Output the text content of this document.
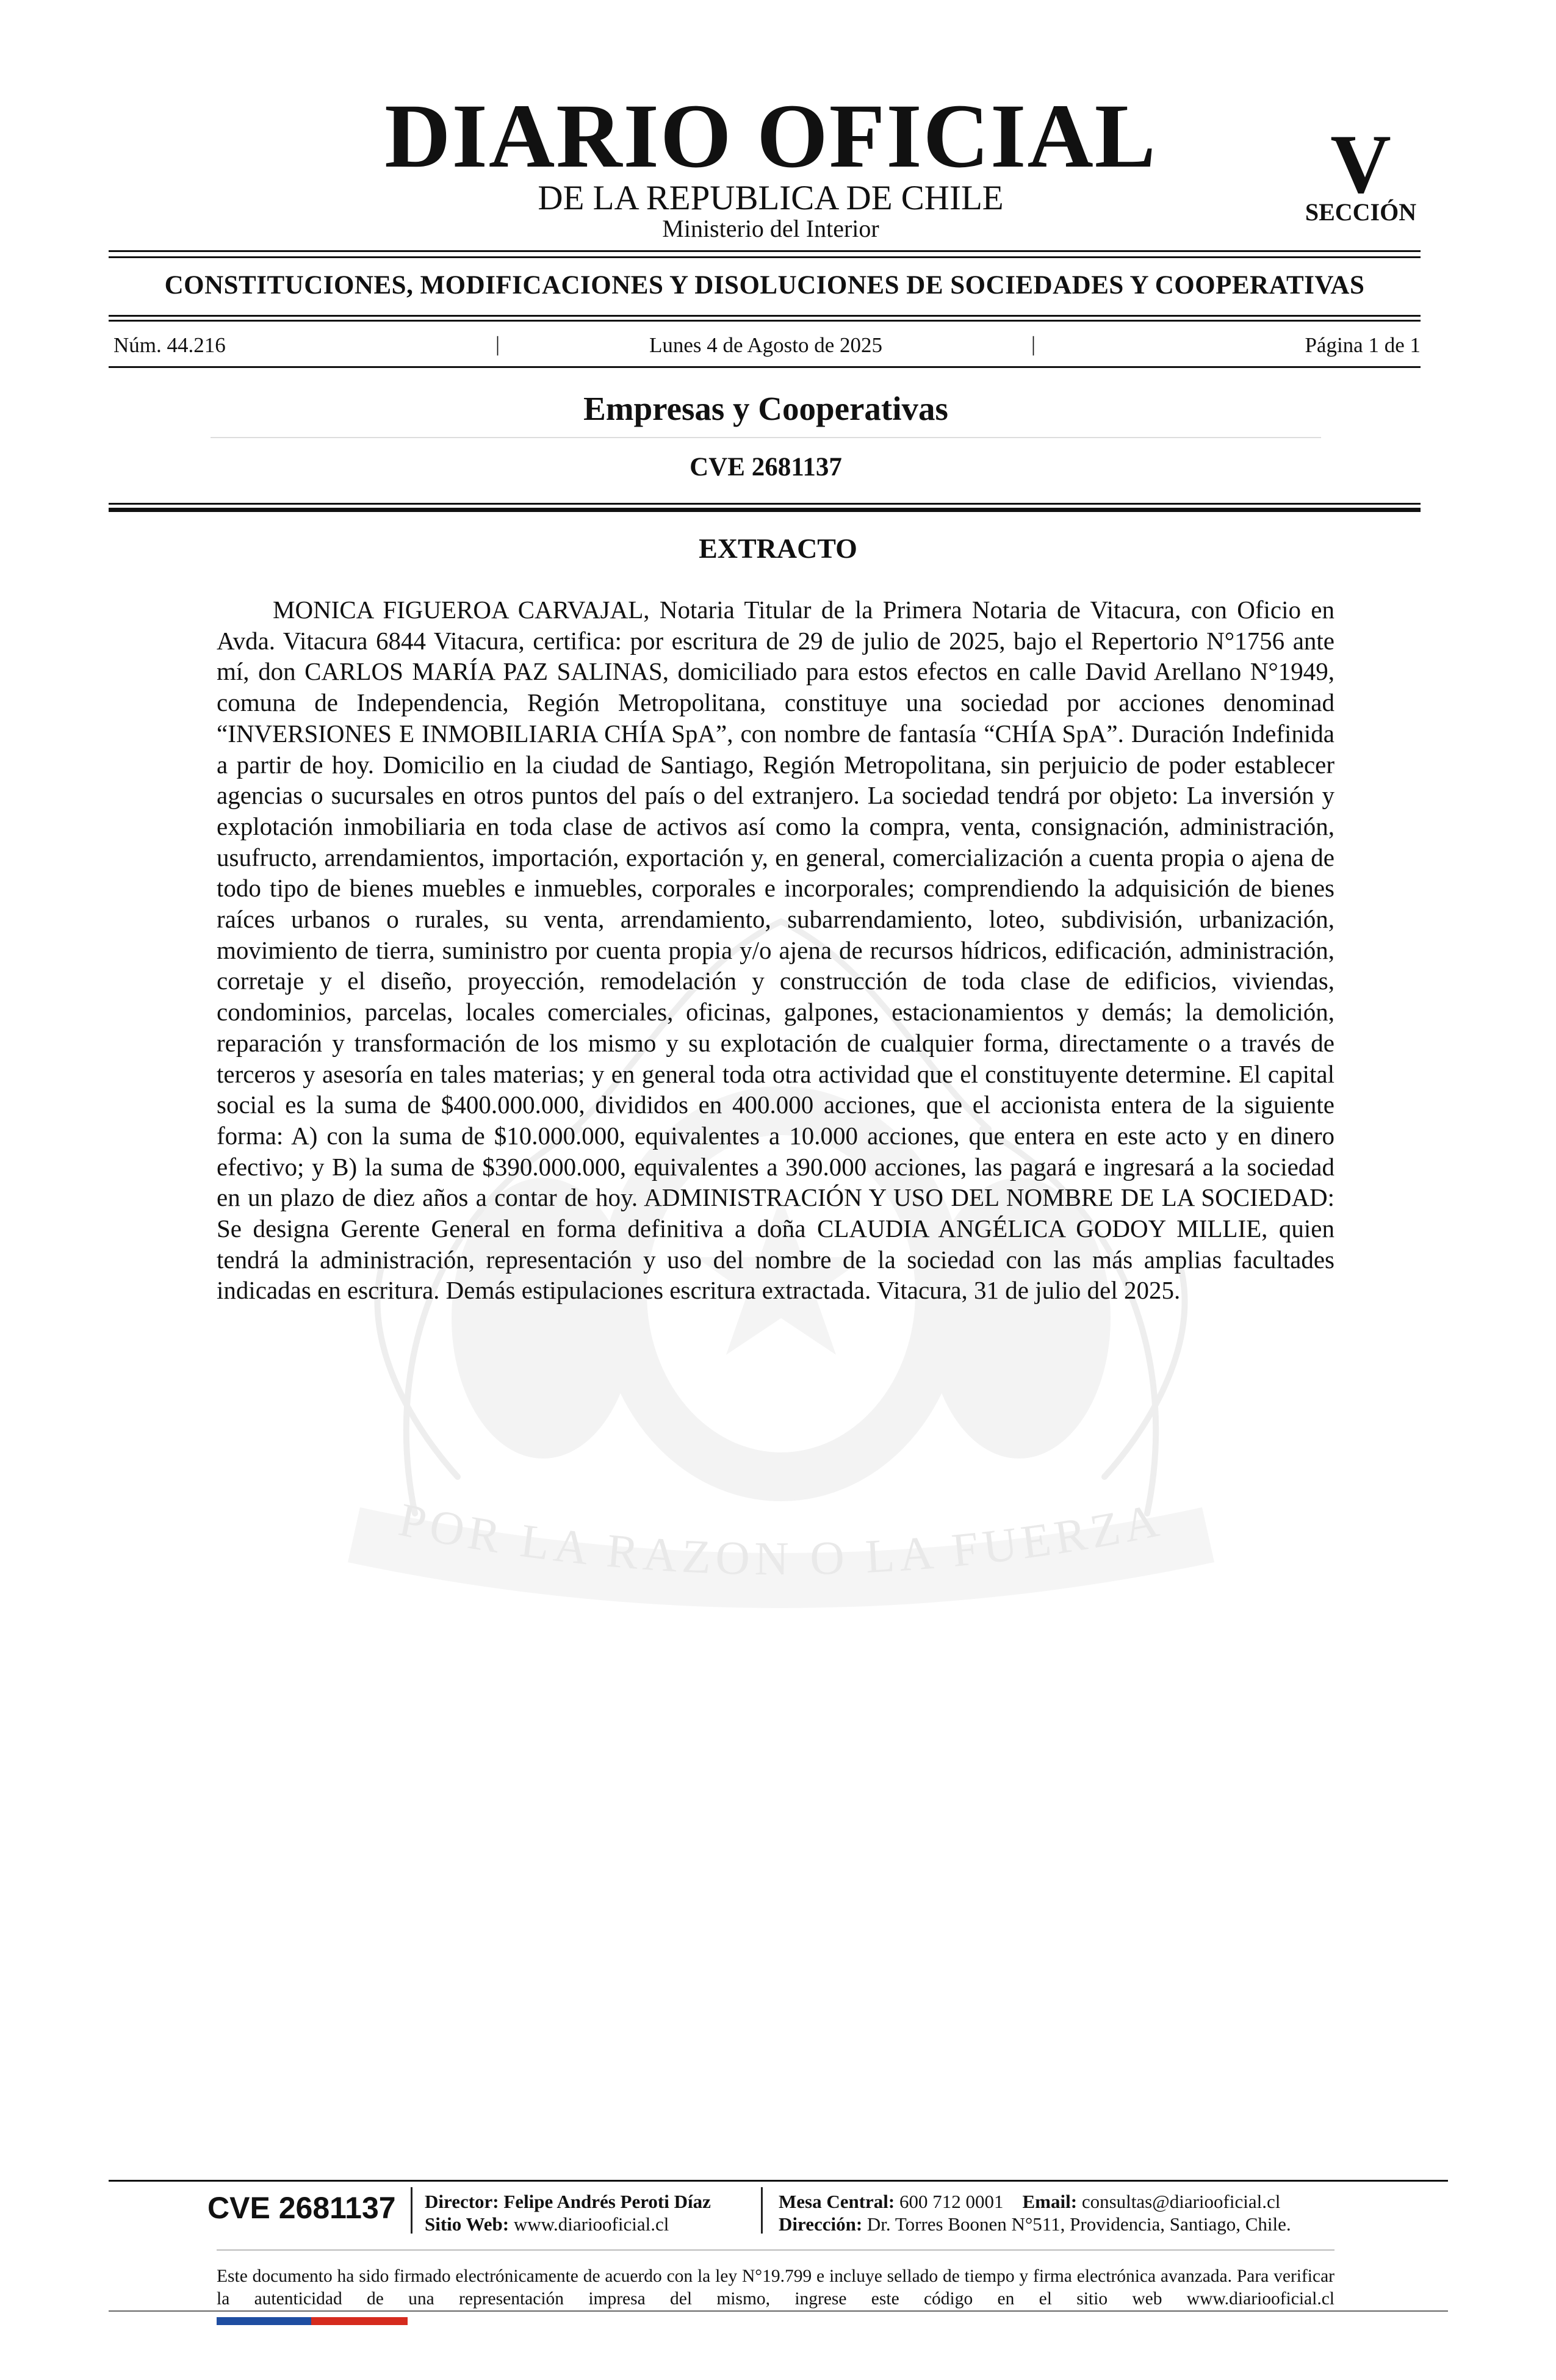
POR LA RAZON O LA FUERZA
DIARIO OFICIAL
DE LA REPUBLICA DE CHILE
Ministerio del Interior
V
SECCIÓN
CONSTITUCIONES, MODIFICACIONES Y DISOLUCIONES DE SOCIEDADES Y COOPERATIVAS
Núm. 44.216	|	Lunes 4 de Agosto de 2025	|	Página 1 de 1
Empresas y Cooperativas
CVE 2681137
EXTRACTO

MONICA FIGUEROA CARVAJAL, Notaria Titular de la Primera Notaria de Vitacura, con Oficio en Avda. Vitacura 6844 Vitacura, certifica: por escritura de 29 de julio de 2025, bajo el Repertorio N°1756 ante mí, don CARLOS MARÍA PAZ SALINAS, domiciliado para estos efectos en calle David Arellano N°1949, comuna de Independencia, Región Metropolitana, constituye una sociedad por acciones denominad “INVERSIONES E INMOBILIARIA CHÍA SpA”, con nombre de fantasía “CHÍA SpA”. Duración Indefinida a partir de hoy. Domicilio en la ciudad de Santiago, Región Metropolitana, sin perjuicio de poder establecer agencias o sucursales en otros puntos del país o del extranjero. La sociedad tendrá por objeto: La inversión y explotación inmobiliaria en toda clase de activos así como la compra, venta, consignación, administración, usufructo, arrendamientos, importación, exportación y, en general, comercialización a cuenta propia o ajena de todo tipo de bienes muebles e inmuebles, corporales e incorporales; comprendiendo la adquisición de bienes raíces urbanos o rurales, su venta, arrendamiento, subarrendamiento, loteo, subdivisión, urbanización, movimiento de tierra, suministro por cuenta propia y/o ajena de recursos hídricos, edificación, administración, corretaje y el diseño, proyección, remodelación y construcción de toda clase de edificios, viviendas, condominios, parcelas, locales comerciales, oficinas, galpones, estacionamientos y demás; la demolición, reparación y transformación de los mismo y su explotación de cualquier forma, directamente o a través de terceros y asesoría en tales materias; y en general toda otra actividad que el constituyente determine. El capital social es la suma de $400.000.000, divididos en 400.000 acciones, que el accionista entera de la siguiente forma: A) con la suma de $10.000.000, equivalentes a 10.000 acciones, que entera en este acto y en dinero efectivo; y B) la suma de $390.000.000, equivalentes a 390.000 acciones, las pagará e ingresará a la sociedad en un plazo de diez años a contar de hoy. ADMINISTRACIÓN Y USO DEL NOMBRE DE LA SOCIEDAD: Se designa Gerente General en forma definitiva a doña CLAUDIA ANGÉLICA GODOY MILLIE, quien tendrá la administración, representación y uso del nombre de la sociedad con las más amplias facultades indicadas en escritura. Demás estipulaciones escritura extractada. Vitacura, 31 de julio del 2025.

CVE 2681137 Director: Felipe Andrés Peroti Díaz
Sitio Web: www.diariooficial.cl
Mesa Central: 600 712 0001 Email: consultas@diariooficial.cl
Dirección: Dr. Torres Boonen N°511, Providencia, Santiago, Chile.

Este documento ha sido firmado electrónicamente de acuerdo con la ley N°19.799 e incluye sellado de tiempo y firma electrónica avanzada. Para verificar la autenticidad de una representación impresa del mismo, ingrese este código en el sitio web www.diariooficial.cl
